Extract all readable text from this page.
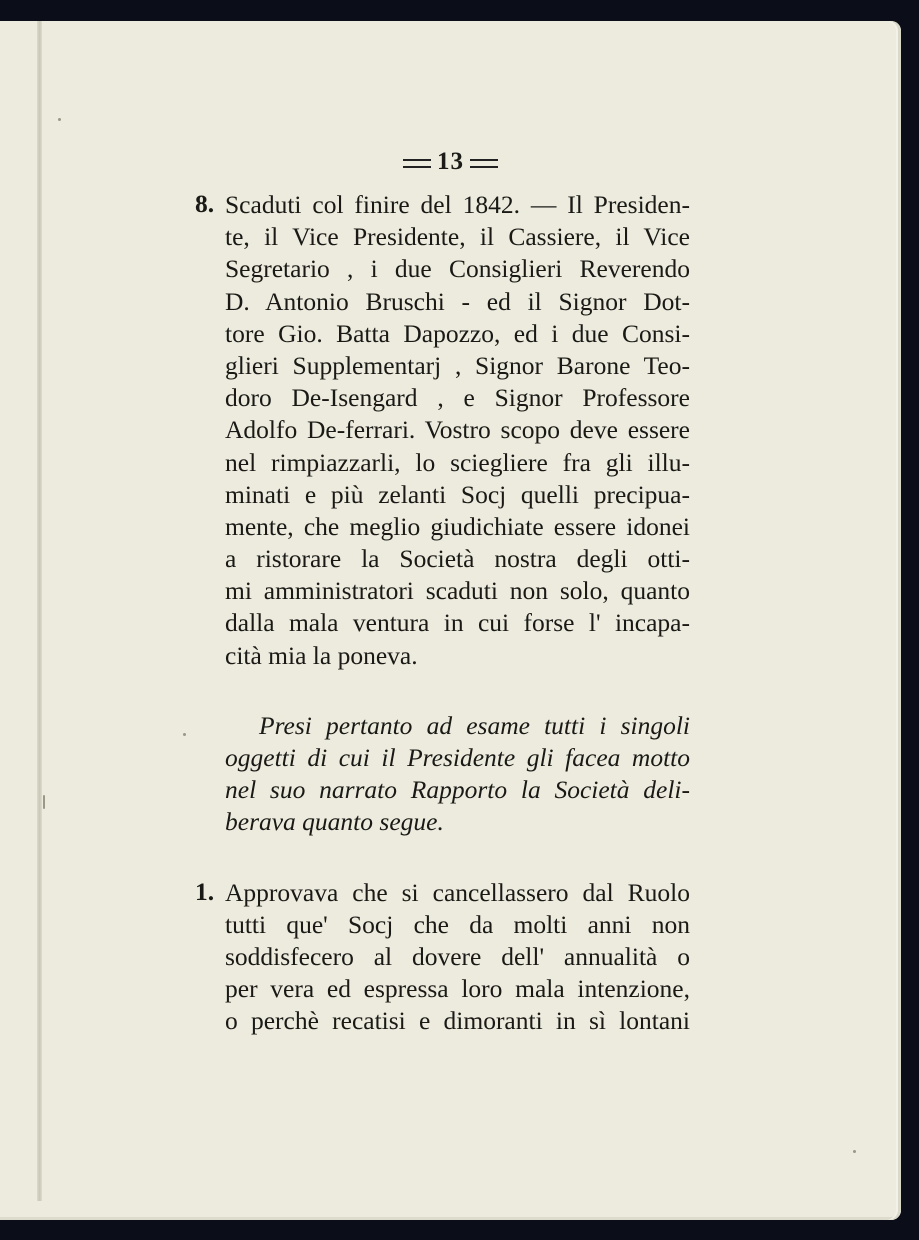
13
8. Scaduti col finire del 1842. — Il Presiden-
te, il Vice Presidente, il Cassiere, il Vice
Segretario , i due Consiglieri Reverendo
D. Antonio Bruschi - ed il Signor Dot-
tore Gio. Batta Dapozzo, ed i due Consi-
glieri Supplementarj , Signor Barone Teo-
doro De-Isengard , e Signor Professore
Adolfo De-ferrari. Vostro scopo deve essere
nel rimpiazzarli, lo sciegliere fra gli illu-
minati e più zelanti Socj quelli precipua-
mente, che meglio giudichiate essere idonei
a ristorare la Società nostra degli otti-
mi amministratori scaduti non solo, quanto
dalla mala ventura in cui forse l' incapa-
cità mia la poneva.
Presi pertanto ad esame tutti i singoli
oggetti di cui il Presidente gli facea motto
nel suo narrato Rapporto la Società deli-
berava quanto segue.
1. Approvava che si cancellassero dal Ruolo
tutti que' Socj che da molti anni non
soddisfecero al dovere dell' annualità o
per vera ed espressa loro mala intenzione,
o perchè recatisi e dimoranti in sì lontani
